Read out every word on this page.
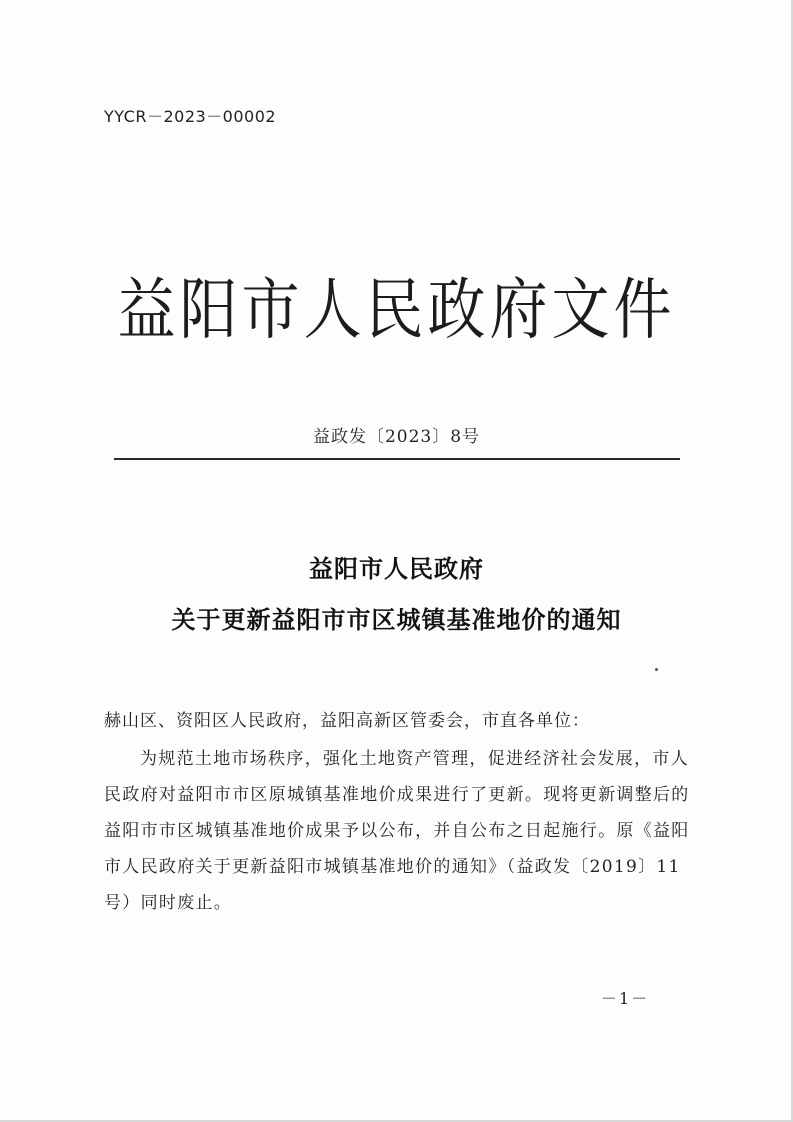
YYCR－2023－00002
益阳市人民政府文件
益政发〔2023〕8号
益阳市人民政府
关于更新益阳市市区城镇基准地价的通知
赫山区、资阳区人民政府，益阳高新区管委会，市直各单位：

为规范土地市场秩序，强化土地资产管理，促进经济社会发展，市人民政府对益阳市市区原城镇基准地价成果进行了更新。现将更新调整后的益阳市市区城镇基准地价成果予以公布，并自公布之日起施行。原《益阳市人民政府关于更新益阳市城镇基准地价的通知》（益政发〔2019〕11号）同时废止。

－1－
